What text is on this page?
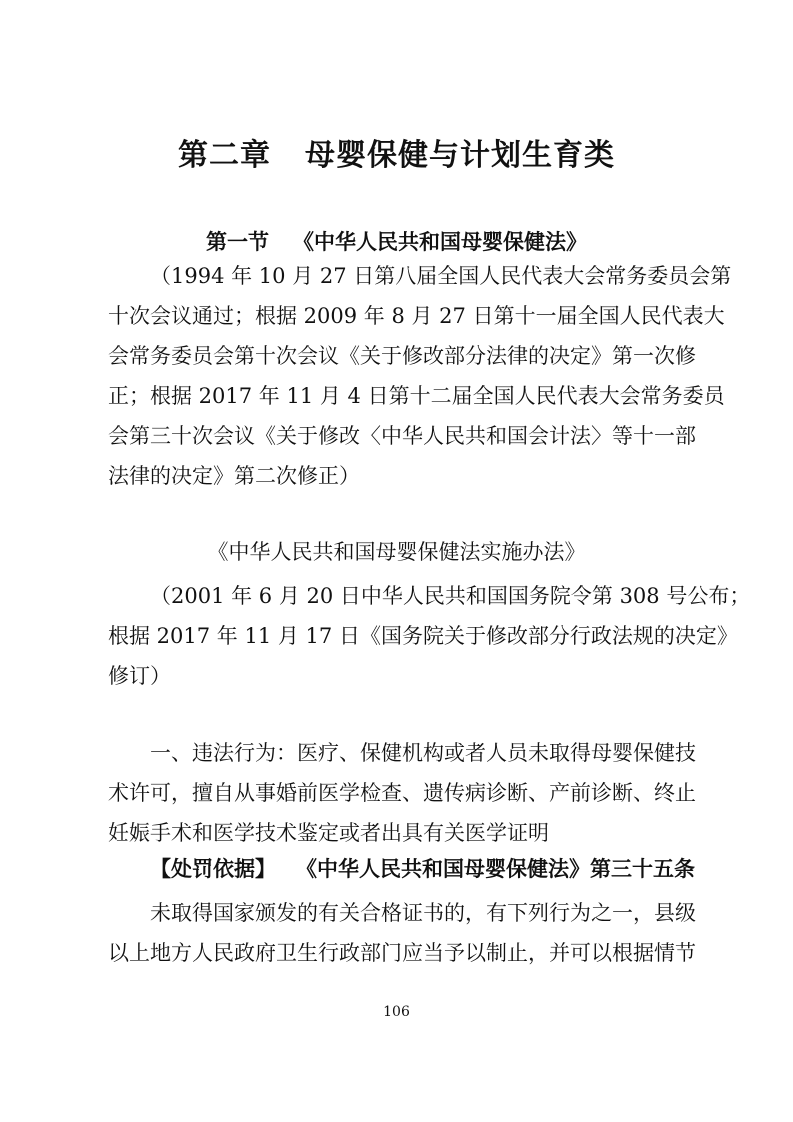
第二章 母婴保健与计划生育类
第一节 《中华人民共和国母婴保健法》
（1994 年 10 月 27 日第八届全国人民代表大会常务委员会第
十次会议通过；根据 2009 年 8 月 27 日第十一届全国人民代表大
会常务委员会第十次会议《关于修改部分法律的决定》第一次修
正；根据 2017 年 11 月 4 日第十二届全国人民代表大会常务委员
会第三十次会议《关于修改〈中华人民共和国会计法〉等十一部
法律的决定》第二次修正）

《中华人民共和国母婴保健法实施办法》

（2001 年 6 月 20 日中华人民共和国国务院令第 308 号公布；
根据 2017 年 11 月 17 日《国务院关于修改部分行政法规的决定》
修订）
一、违法行为：医疗、保健机构或者人员未取得母婴保健技
术许可，擅自从事婚前医学检查、遗传病诊断、产前诊断、终止
妊娠手术和医学技术鉴定或者出具有关医学证明

【处罚依据】 《中华人民共和国母婴保健法》第三十五条

未取得国家颁发的有关合格证书的，有下列行为之一，县级
以上地方人民政府卫生行政部门应当予以制止，并可以根据情节

106
